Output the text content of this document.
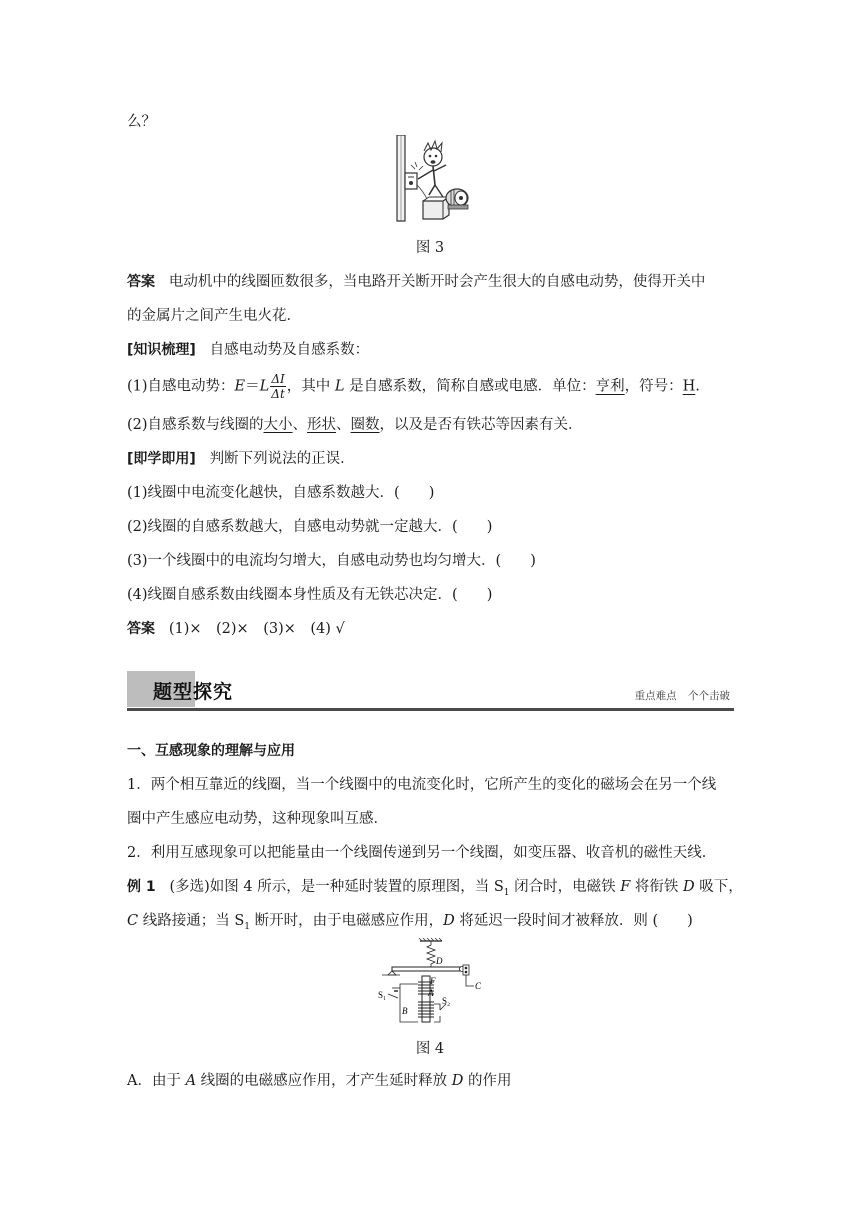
么？
图 3
答案 电动机中的线圈匝数很多，当电路开关断开时会产生很大的自感电动势，使得开关中
的金属片之间产生电火花．
[知识梳理] 自感电动势及自感系数：
(1)自感电动势：$E=L \frac{\Delta I}{\Delta t}$ ，其中 L 是自感系数，简称自感或电感．单位：亨利，符号：H.
(2)自感系数与线圈的大小、形状、圈数，以及是否有铁芯等因素有关．
[即学即用] 判断下列说法的正误．
(1)线圈中电流变化越快，自感系数越大．(　　)
(2)线圈的自感系数越大，自感电动势就一定越大．(　　)
(3)一个线圈中的电流均匀增大，自感电动势也均匀增大．(　　)
(4)线圈自感系数由线圈本身性质及有无铁芯决定．(　　)
答案 (1)×　(2)×　(3)×　(4) √
题型探究	重点难点 个个击破
一、互感现象的理解与应用
1．两个相互靠近的线圈，当一个线圈中的电流变化时，它所产生的变化的磁场会在另一个线
圈中产生感应电动势，这种现象叫互感．
2．利用互感现象可以把能量由一个线圈传递到另一个线圈，如变压器、收音机的磁性天线．
例 1 (多选)如图 4 所示，是一种延时装置的原理图，当 $S_1$ 闭合时，电磁铁 F 将衔铁 D 吸下，
C 线路接通；当 $S_1$ 断开时，由于电磁感应作用，D 将延迟一段时间才被释放．则 (　　)
D
C
F
A
B
S₁
S₂
图 4
A．由于 A 线圈的电磁感应作用，才产生延时释放 D 的作用
